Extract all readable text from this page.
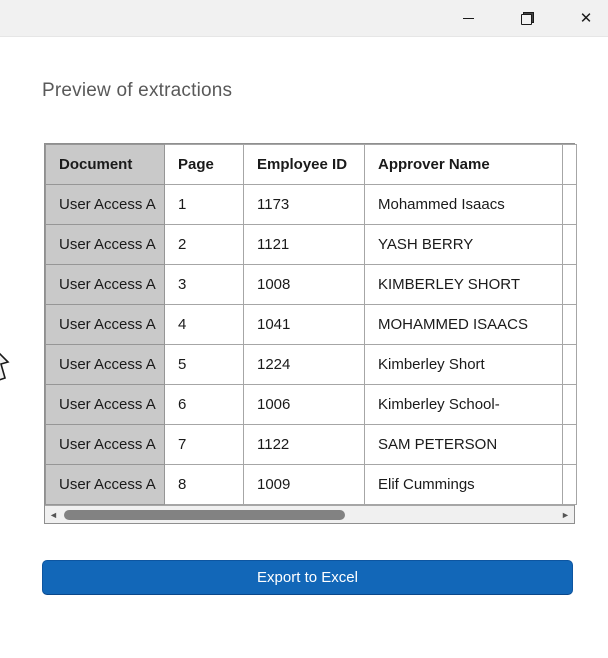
✕
Preview of extractions
Document	Page	Employee ID	Approver Name	
User Access A	1	1173	Mohammed Isaacs	
User Access A	2	1121	YASH BERRY	
User Access A	3	1008	KIMBERLEY SHORT	
User Access A	4	1041	MOHAMMED ISAACS	
User Access A	5	1224	Kimberley Short	
User Access A	6	1006	Kimberley School-	
User Access A	7	1122	SAM PETERSON	
User Access A	8	1009	Elif Cummings	
◄	►
Export to Excel
